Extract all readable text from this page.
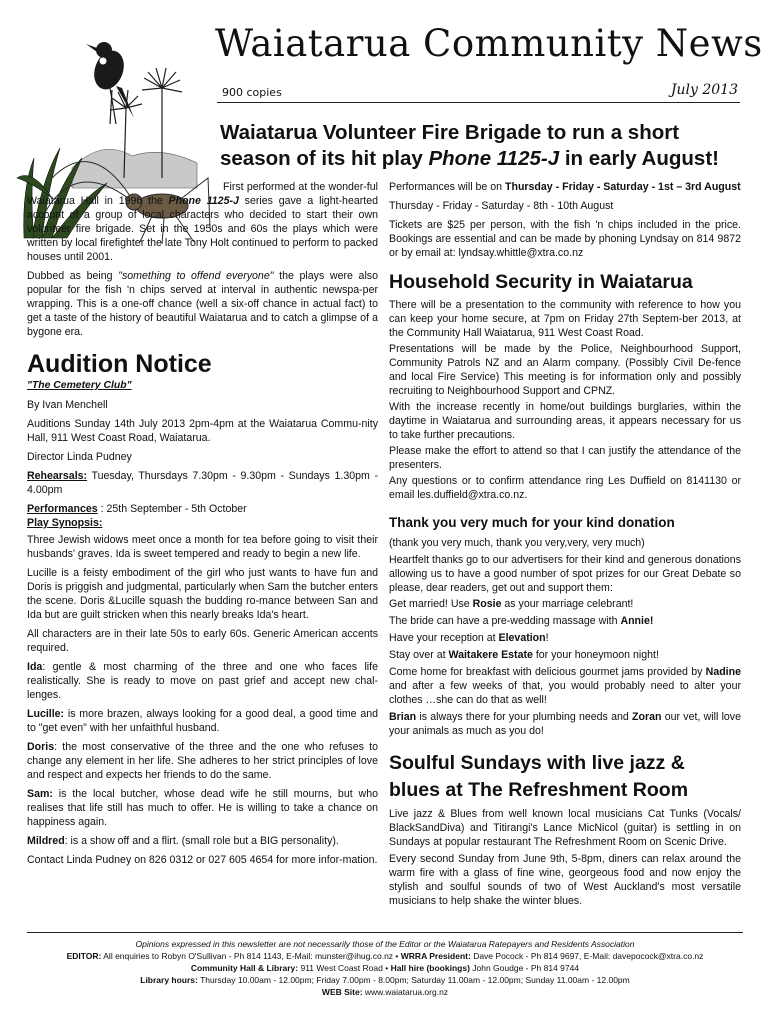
Waiatarua Community News
900 copies	July 2013
Waiatarua Volunteer Fire Brigade to run a short season of its hit play Phone 1125-J in early August!

First performed at the wonder-ful Waiatarua Hall in 1996 the Phone 1125-J series gave a light-hearted account of a group of local characters who decided to start their own volunteer fire brigade. Set in the 1950s and 60s the plays which were written by local firefighter the late Tony Holt continued to perform to packed houses until 2001.

Dubbed as being "something to offend everyone" the plays were also popular for the fish 'n chips served at interval in authentic newspa-per wrapping. This is a one-off chance (well a six-off chance in actual fact) to get a taste of the history of beautiful Waiatarua and to catch a glimpse of a bygone era.

Audition Notice

"The Cemetery Club"

By Ivan Menchell

Auditions Sunday 14th July 2013 2pm-4pm at the Waiatarua Commu-nity Hall, 911 West Coast Road, Waiatarua.

Director Linda Pudney

Rehearsals: Tuesday, Thursdays 7.30pm - 9.30pm - Sundays 1.30pm - 4.00pm

Performances : 25th September - 5th October

Play Synopsis:

Three Jewish widows meet once a month for tea before going to visit their husbands' graves. Ida is sweet tempered and ready to begin a new life.

Lucille is a feisty embodiment of the girl who just wants to have fun and Doris is priggish and judgmental, particularly when Sam the butcher enters the scene. Doris &Lucille squash the budding ro-mance between San and Ida but are guilt stricken when this nearly breaks Ida's heart.

All characters are in their late 50s to early 60s. Generic American accents required.

Ida: gentle & most charming of the three and one who faces life realistically. She is ready to move on past grief and accept new chal-lenges.

Lucille: is more brazen, always looking for a good deal, a good time and to "get even" with her unfaithful husband.

Doris: the most conservative of the three and the one who refuses to change any element in her life. She adheres to her strict principles of love and respect and expects her friends to do the same.

Sam: is the local butcher, whose dead wife he still mourns, but who realises that life still has much to offer. He is willing to take a chance on happiness again.

Mildred: is a show off and a flirt. (small role but a BIG personality).

Contact Linda Pudney on 826 0312 or 027 605 4654 for more infor-mation.

Performances will be on Thursday - Friday - Saturday - 1st – 3rd August

Thursday - Friday - Saturday - 8th - 10th August

Tickets are $25 per person, with the fish 'n chips included in the price. Bookings are essential and can be made by phoning Lyndsay on 814 9872 or by email at: lyndsay.whittle@xtra.co.nz

Household Security in Waiatarua

There will be a presentation to the community with reference to how you can keep your home secure, at 7pm on Friday 27th Septem-ber 2013, at the Community Hall Waiatarua, 911 West Coast Road.

Presentations will be made by the Police, Neighbourhood Support, Community Patrols NZ and an Alarm company. (Possibly Civil De-fence and local Fire Service) This meeting is for information only and possibly recruiting to Neighbourhood Support and CPNZ.

With the increase recently in home/out buildings burglaries, within the daytime in Waiatarua and surrounding areas, it appears necessary for us to take further precautions.

Please make the effort to attend so that I can justify the attendance of the presenters.

Any questions or to confirm attendance ring Les Duffield on 8141130 or email les.duffield@xtra.co.nz.

Thank you very much for your kind donation

(thank you very much, thank you very,very, very much)

Heartfelt thanks go to our advertisers for their kind and generous donations allowing us to have a good number of spot prizes for our Great Debate so please, dear readers, get out and support them:

Get married! Use Rosie as your marriage celebrant!

The bride can have a pre-wedding massage with Annie!

Have your reception at Elevation!

Stay over at Waitakere Estate for your honeymoon night!

Come home for breakfast with delicious gourmet jams provided by Nadine and after a few weeks of that, you would probably need to alter your clothes …she can do that as well!

Brian is always there for your plumbing needs and Zoran our vet, will love your animals as much as you do!

Soulful Sundays with live jazz & blues at The Refreshment Room

Live jazz & Blues from well known local musicians Cat Tunks (Vocals/ BlackSandDiva) and Titirangi's Lance MicNicol (guitar) is settling in on Sundays at popular restaurant The Refreshment Room on Scenic Drive.

Every second Sunday from June 9th, 5-8pm, diners can relax around the warm fire with a glass of fine wine, georgeous food and now enjoy the stylish and soulful sounds of two of West Auckland's most versatile musicians to help shake the winter blues.

Opinions expressed in this newsletter are not necessarily those of the Editor or the Waiatarua Ratepayers and Residents Association
EDITOR: All enquiries to Robyn O'Sullivan - Ph 814 1143, E-Mail: munster@ihug.co.nz • WRRA President: Dave Pocock - Ph 814 9697, E-Mail: davepocock@xtra.co.nz
Community Hall & Library: 911 West Coast Road • Hall hire (bookings) John Goudge - Ph 814 9744
Library hours: Thursday 10.00am - 12.00pm; Friday 7.00pm - 8.00pm; Saturday 11.00am - 12.00pm; Sunday 11.00am - 12.00pm
WEB Site: www.waiatarua.org.nz
